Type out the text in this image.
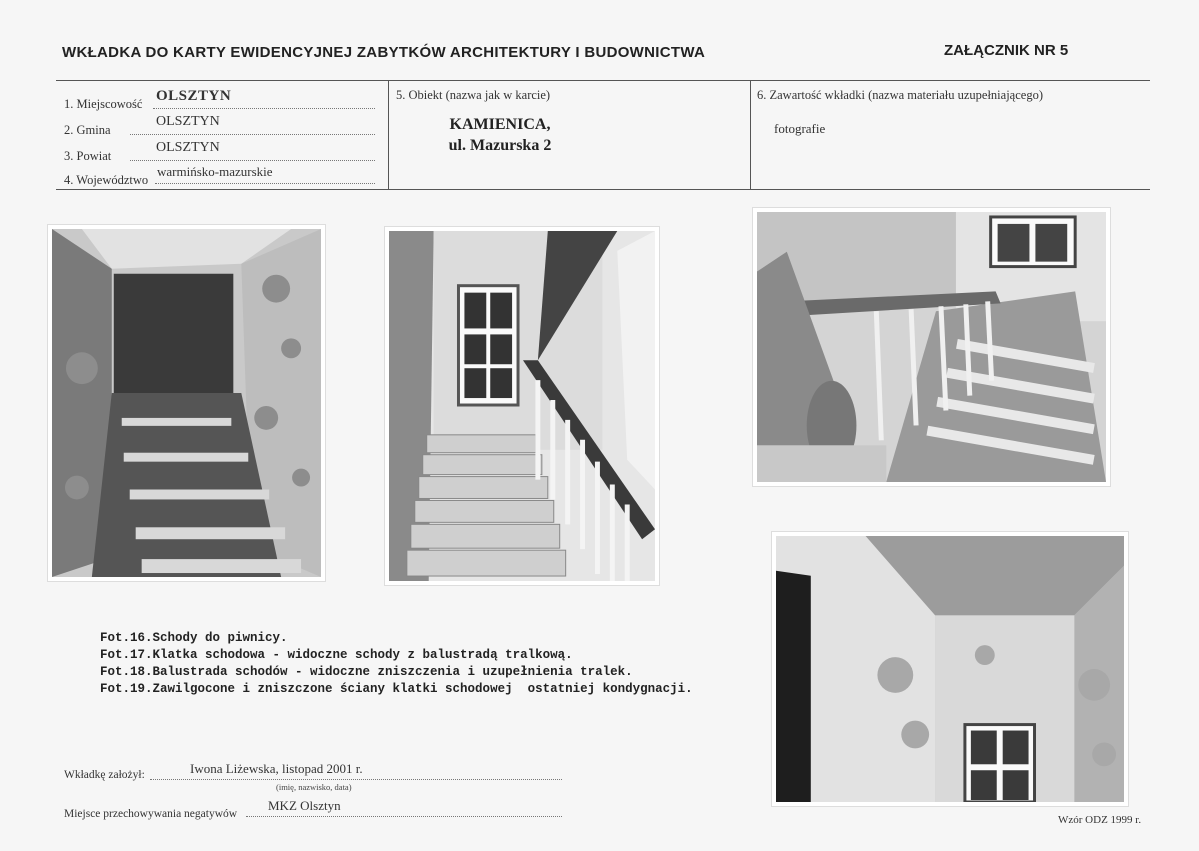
WKŁADKA DO KARTY EWIDENCYJNEJ ZABYTKÓW ARCHITEKTURY I BUDOWNICTWA	ZAŁĄCZNIK NR 5
1. Miejscowość OLSZTYN
2. Gmina
OLSZTYN
3. Powiat
OLSZTYN
4. Województwo
warmińsko-mazurskie
5. Obiekt (nazwa jak w karcie)
KAMIENICA,
ul. Mazurska 2
6. Zawartość wkładki (nazwa materiału uzupełniającego)
fotografie
Fot.16.Schody do piwnicy.
Fot.17.Klatka schodowa - widoczne schody z balustradą tralkową.
Fot.18.Balustrada schodów - widoczne zniszczenia i uzupełnienia tralek.
Fot.19.Zawilgocone i zniszczone ściany klatki schodowej  ostatniej kondygnacji.
Wkładkę założył:	Iwona Liżewska, listopad 2001 r.
(imię, nazwisko, data)
Miejsce przechowywania negatywów
MKZ Olsztyn
Wzór ODZ 1999 r.
